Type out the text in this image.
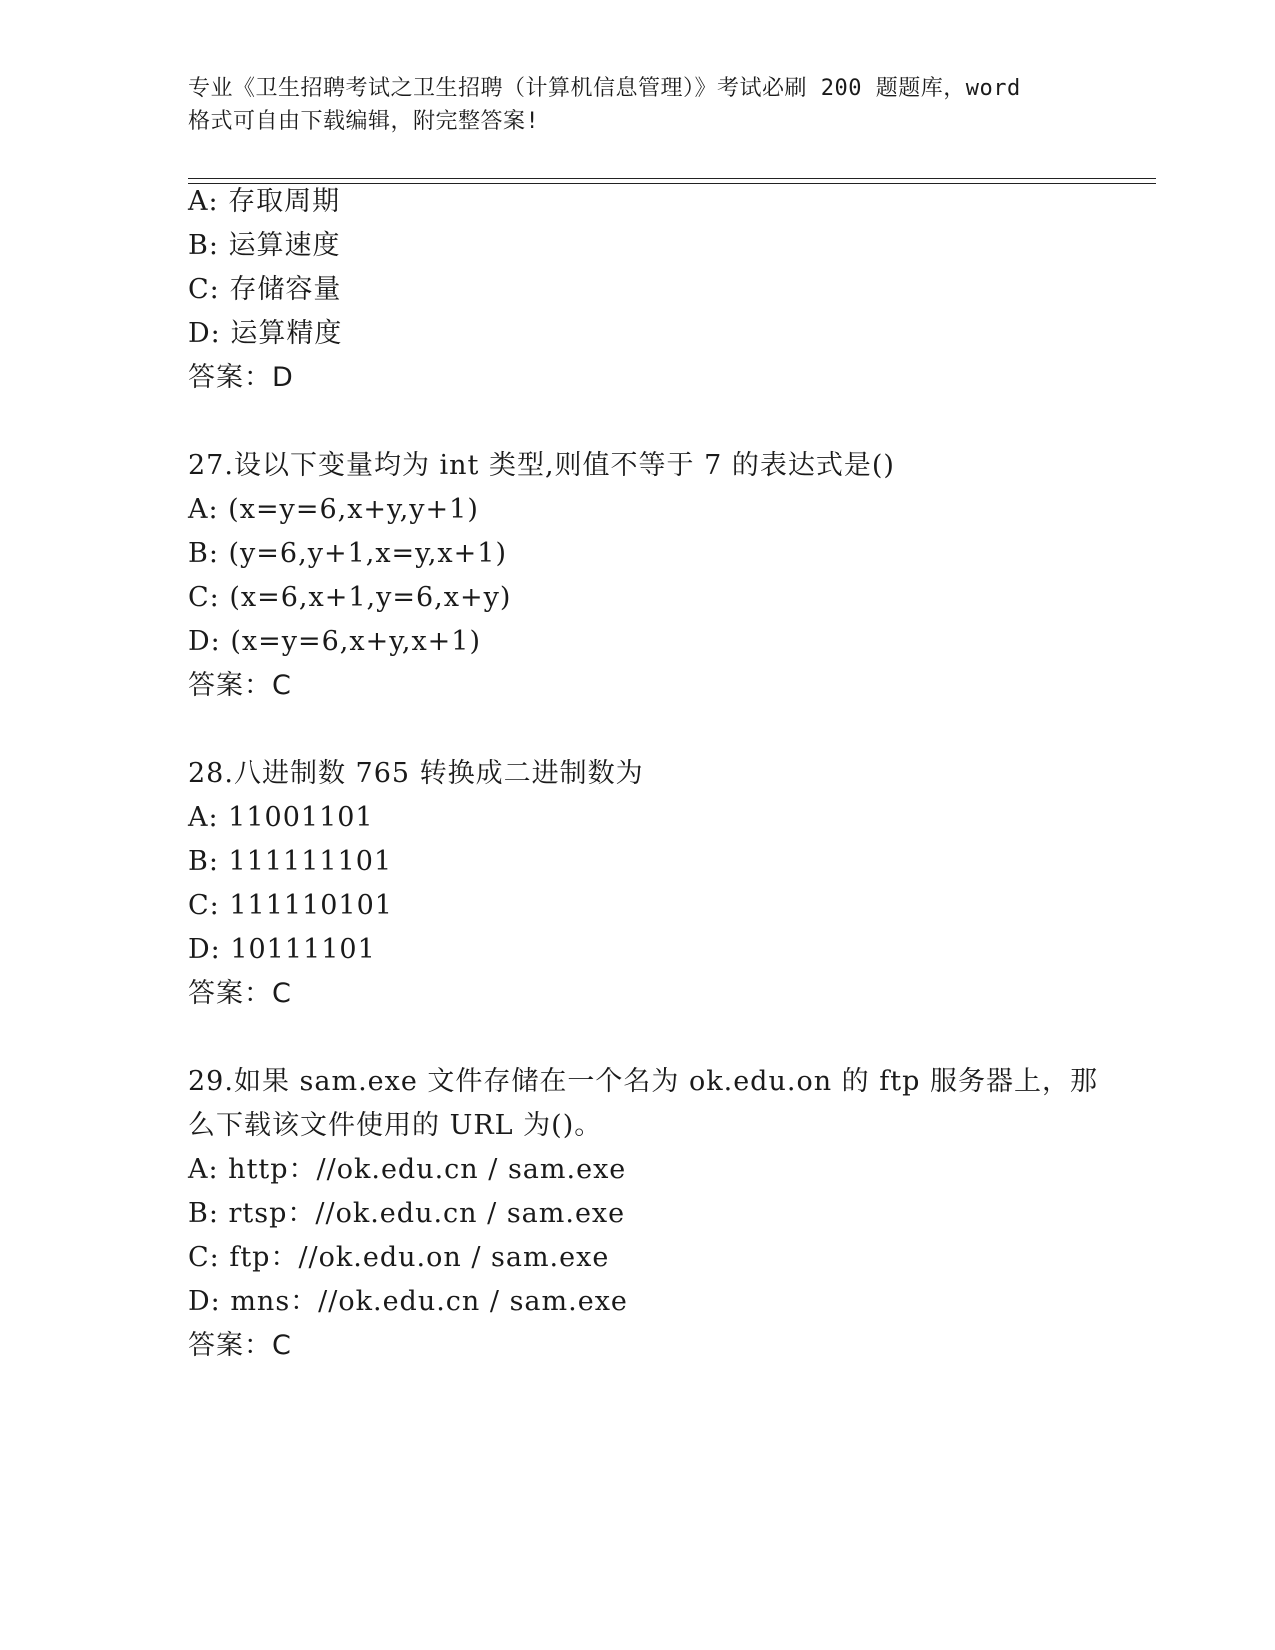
专业《卫生招聘考试之卫生招聘（计算机信息管理）》考试必刷 200 题题库，word
格式可自由下载编辑，附完整答案!
A: 存取周期
B: 运算速度
C: 存储容量
D: 运算精度
答案：D
27.设以下变量均为 int 类型,则值不等于 7 的表达式是()
A: (x=y=6,x+y,y+1)
B: (y=6,y+1,x=y,x+1)
C: (x=6,x+1,y=6,x+y)
D: (x=y=6,x+y,x+1)
答案：C
28.八进制数 765 转换成二进制数为
A: 11001101
B: 111111101
C: 111110101
D: 10111101
答案：C
29.如果 sam.exe 文件存储在一个名为 ok.edu.on 的 ftp 服务器上，那
么下载该文件使用的 URL 为()。
A: http：//ok.edu.cn / sam.exe
B: rtsp：//ok.edu.cn / sam.exe
C: ftp：//ok.edu.on / sam.exe
D: mns：//ok.edu.cn / sam.exe
答案：C
